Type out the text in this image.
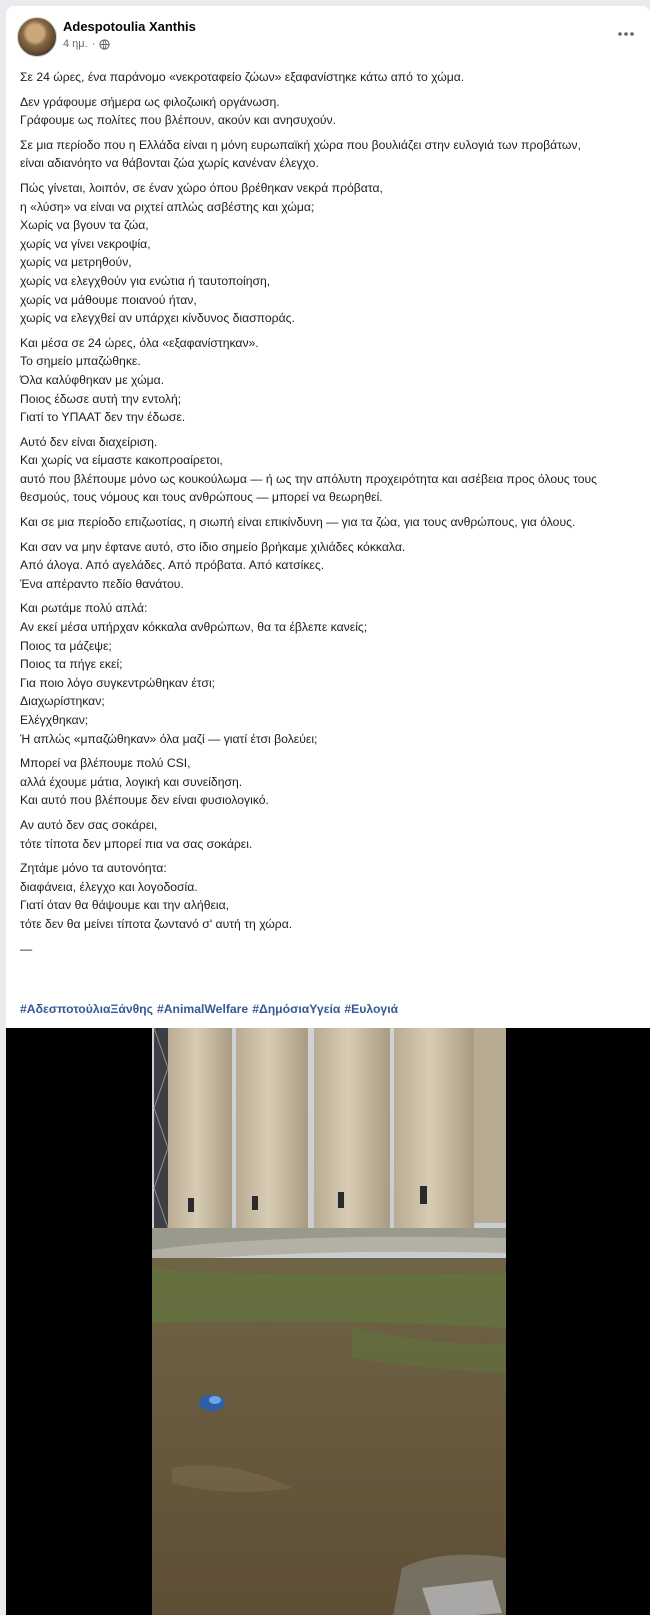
Adespotoulia Xanthis
4 ημ. ·

Σε 24 ώρες, ένα παράνομο «νεκροταφείο ζώων» εξαφανίστηκε κάτω από το χώμα.

Δεν γράφουμε σήμερα ως φιλοζωική οργάνωση.
Γράφουμε ως πολίτες που βλέπουν, ακούν και ανησυχούν.

Σε μια περίοδο που η Ελλάδα είναι η μόνη ευρωπαϊκή χώρα που βουλιάζει στην ευλογιά των προβάτων,
είναι αδιανόητο να θάβονται ζώα χωρίς κανέναν έλεγχο.

Πώς γίνεται, λοιπόν, σε έναν χώρο όπου βρέθηκαν νεκρά πρόβατα,
η «λύση» να είναι να ριχτεί απλώς ασβέστης και χώμα;
Χωρίς να βγουν τα ζώα,
χωρίς να γίνει νεκροψία,
χωρίς να μετρηθούν,
χωρίς να ελεγχθούν για ενώτια ή ταυτοποίηση,
χωρίς να μάθουμε ποιανού ήταν,
χωρίς να ελεγχθεί αν υπάρχει κίνδυνος διασποράς.

Και μέσα σε 24 ώρες, όλα «εξαφανίστηκαν».
Το σημείο μπαζώθηκε.
Όλα καλύφθηκαν με χώμα.
Ποιος έδωσε αυτή την εντολή;
Γιατί το ΥΠΑΑΤ δεν την έδωσε.

Αυτό δεν είναι διαχείριση.
Και χωρίς να είμαστε κακοπροαίρετοι,
αυτό που βλέπουμε μόνο ως κουκούλωμα — ή ως την απόλυτη προχειρότητα και ασέβεια προς όλους τους θεσμούς, τους νόμους και τους ανθρώπους — μπορεί να θεωρηθεί.

Και σε μια περίοδο επιζωοτίας, η σιωπή είναι επικίνδυνη — για τα ζώα, για τους ανθρώπους, για όλους.

Και σαν να μην έφτανε αυτό, στο ίδιο σημείο βρήκαμε χιλιάδες κόκκαλα.
Από άλογα. Από αγελάδες. Από πρόβατα. Από κατσίκες.
Ένα απέραντο πεδίο θανάτου.

Και ρωτάμε πολύ απλά:
Αν εκεί μέσα υπήρχαν κόκκαλα ανθρώπων, θα τα έβλεπε κανείς;
Ποιος τα μάζεψε;
Ποιος τα πήγε εκεί;
Για ποιο λόγο συγκεντρώθηκαν έτσι;
Διαχωρίστηκαν;
Ελέγχθηκαν;
Ή απλώς «μπαζώθηκαν» όλα μαζί — γιατί έτσι βολεύει;

Μπορεί να βλέπουμε πολύ CSI,
αλλά έχουμε μάτια, λογική και συνείδηση.
Και αυτό που βλέπουμε δεν είναι φυσιολογικό.

Αν αυτό δεν σας σοκάρει,
τότε τίποτα δεν μπορεί πια να σας σοκάρει.

Ζητάμε μόνο τα αυτονόητα:
διαφάνεια, έλεγχο και λογοδοσία.
Γιατί όταν θα θάψουμε και την αλήθεια,
τότε δεν θα μείνει τίποτα ζωντανό σ' αυτή τη χώρα.

—

#ΑδεσποτούλιαΞάνθης #AnimalWelfare #ΔημόσιαΥγεία #Ευλογιά
